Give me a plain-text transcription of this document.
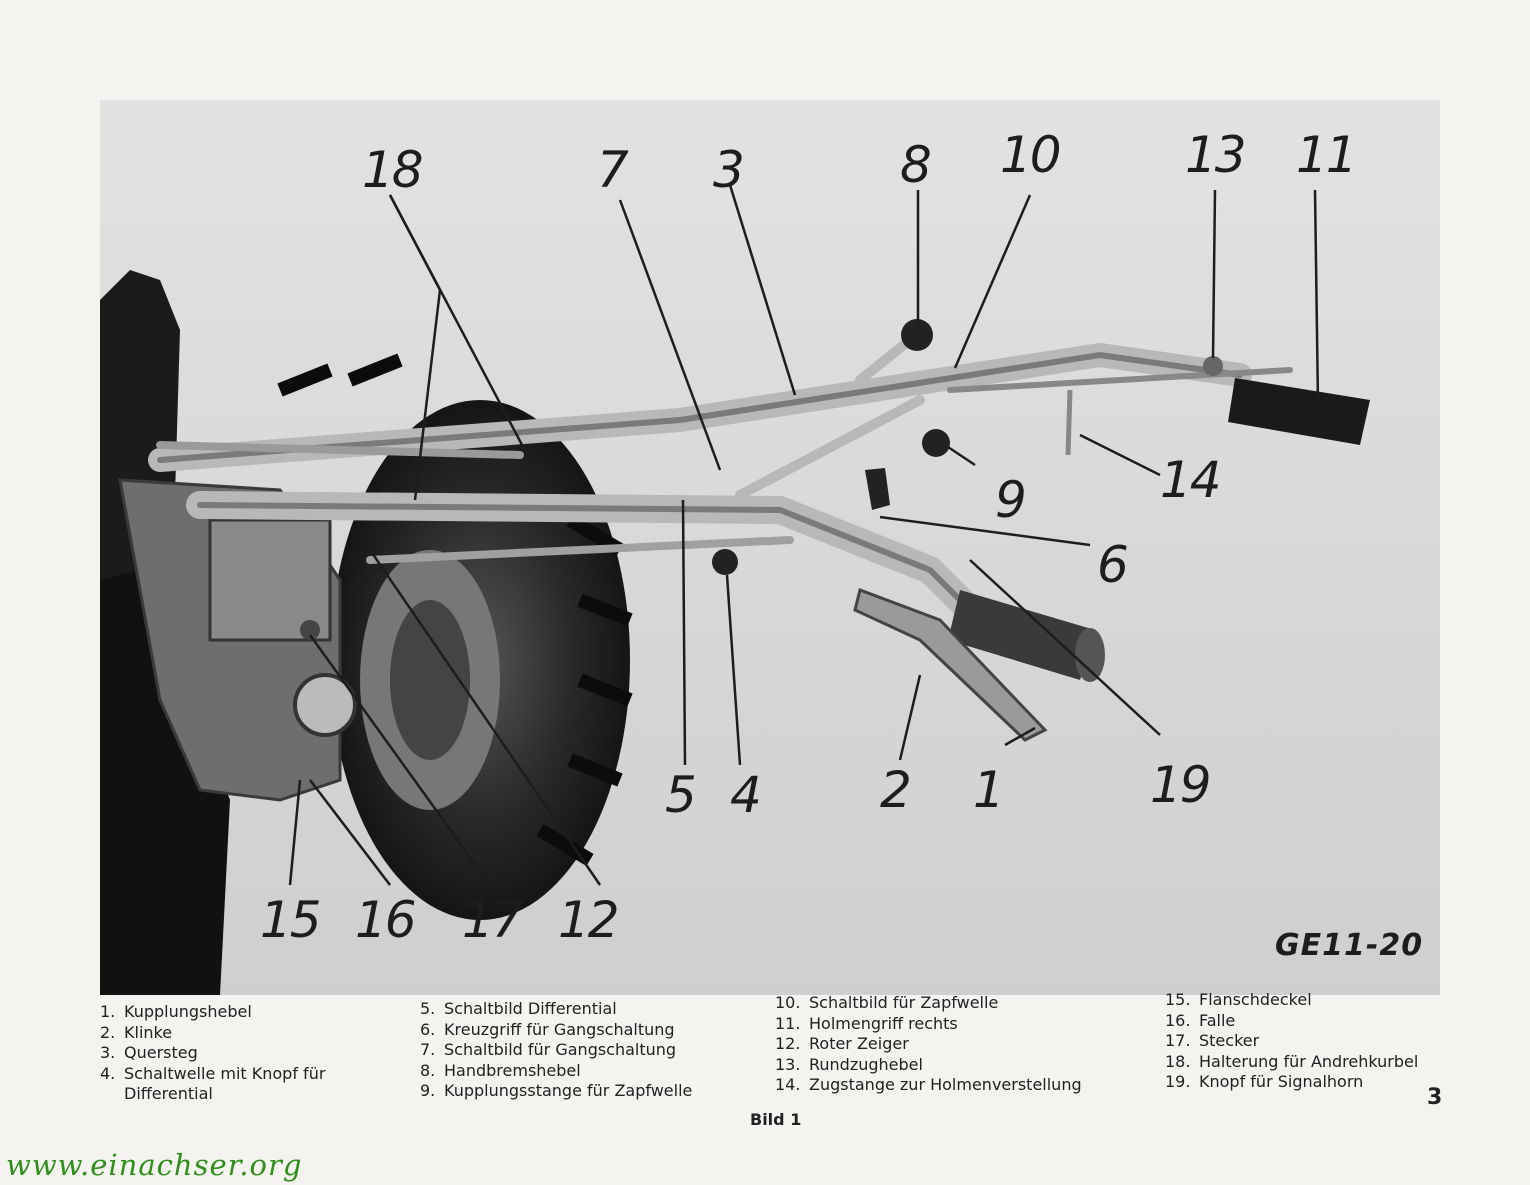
18	7 3	8 10	13 11
9	14
6
19
1
2
4
5
12
17
16
15	GE11-20
1. Kupplungshebel
2. Klinke
3. Quersteg
4. Schaltwelle mit Knopf für
Differential
5. Schaltbild Differential
6. Kreuzgriff für Gangschaltung
7. Schaltbild für Gangschaltung
8. Handbremshebel
9. Kupplungsstange für Zapfwelle
10. Schaltbild für Zapfwelle
11. Holmengriff rechts
12. Roter Zeiger
13. Rundzughebel
14. Zugstange zur Holmenverstellung
15. Flanschdeckel
16. Falle
17. Stecker
18. Halterung für Andrehkurbel
19. Knopf für Signalhorn
Bild 1
3
www.einachser.org
